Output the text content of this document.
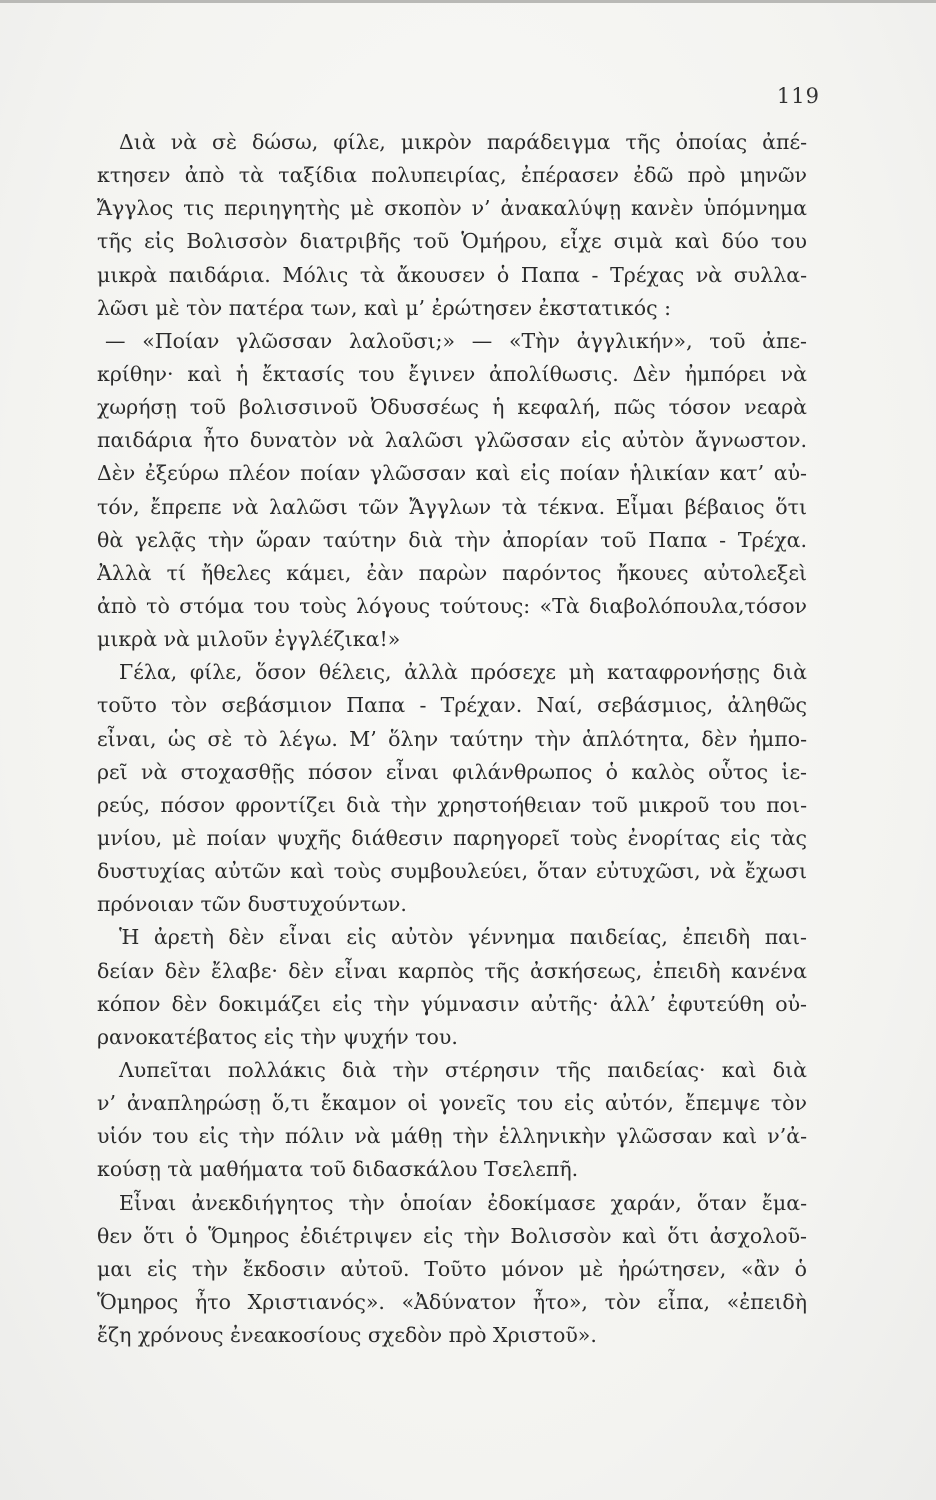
119
Διὰ νὰ σὲ δώσω, φίλε, μικρὸν παράδειγμα τῆς ὁποίας ἀπέ-
κτησεν ἀπὸ τὰ ταξίδια πολυπειρίας, ἐπέρασεν ἐδῶ πρὸ μηνῶν
Ἄγγλος τις περιηγητὴς μὲ σκοπὸν ν’ ἀνακαλύψῃ κανὲν ὑπόμνημα
τῆς εἰς Βολισσὸν διατριβῆς τοῦ Ὁμήρου, εἶχε σιμὰ καὶ δύο του
μικρὰ παιδάρια. Μόλις τὰ ἄκουσεν ὁ Παπα - Τρέχας νὰ συλλα-
λῶσι μὲ τὸν πατέρα των, καὶ μ’ ἐρώτησεν ἐκστατικός :
— «Ποίαν γλῶσσαν λαλοῦσι;» — «Τὴν ἀγγλικήν», τοῦ ἀπε-
κρίθην· καὶ ἡ ἔκτασίς του ἔγινεν ἀπολίθωσις. Δὲν ἠμπόρει νὰ
χωρήσῃ τοῦ βολισσινοῦ Ὀδυσσέως ἡ κεφαλή, πῶς τόσον νεαρὰ
παιδάρια ἦτο δυνατὸν νὰ λαλῶσι γλῶσσαν εἰς αὐτὸν ἄγνωστον.
Δὲν ἐξεύρω πλέον ποίαν γλῶσσαν καὶ εἰς ποίαν ἡλικίαν κατ’ αὐ-
τόν, ἔπρεπε νὰ λαλῶσι τῶν Ἄγγλων τὰ τέκνα. Εἶμαι βέβαιος ὅτι
θὰ γελᾷς τὴν ὥραν ταύτην διὰ τὴν ἀπορίαν τοῦ Παπα - Τρέχα.
Ἀλλὰ τί ἤθελες κάμει, ἐὰν παρὼν παρόντος ἤκουες αὐτολεξεὶ
ἀπὸ τὸ στόμα του τοὺς λόγους τούτους: «Τὰ διαβολόπουλα,τόσον
μικρὰ νὰ μιλοῦν ἐγγλέζικα!»
Γέλα, φίλε, ὅσον θέλεις, ἀλλὰ πρόσεχε μὴ καταφρονήσῃς διὰ
τοῦτο τὸν σεβάσμιον Παπα - Τρέχαν. Ναί, σεβάσμιος, ἀληθῶς
εἶναι, ὡς σὲ τὸ λέγω. Μ’ ὅλην ταύτην τὴν ἁπλότητα, δὲν ἠμπο-
ρεῖ νὰ στοχασθῇς πόσον εἶναι φιλάνθρωπος ὁ καλὸς οὗτος ἱε-
ρεύς, πόσον φροντίζει διὰ τὴν χρηστοήθειαν τοῦ μικροῦ του ποι-
μνίου, μὲ ποίαν ψυχῆς διάθεσιν παρηγορεῖ τοὺς ἐνορίτας εἰς τὰς
δυστυχίας αὐτῶν καὶ τοὺς συμβουλεύει, ὅταν εὐτυχῶσι, νὰ ἔχωσι
πρόνοιαν τῶν δυστυχούντων.
Ἡ ἀρετὴ δὲν εἶναι εἰς αὐτὸν γέννημα παιδείας, ἐπειδὴ παι-
δείαν δὲν ἔλαβε· δὲν εἶναι καρπὸς τῆς ἀσκήσεως, ἐπειδὴ κανένα
κόπον δὲν δοκιμάζει εἰς τὴν γύμνασιν αὐτῆς· ἀλλ’ ἐφυτεύθη οὐ-
ρανοκατέβατος εἰς τὴν ψυχήν του.
Λυπεῖται πολλάκις διὰ τὴν στέρησιν τῆς παιδείας· καὶ διὰ
ν’ ἀναπληρώσῃ ὅ,τι ἔκαμον οἱ γονεῖς του εἰς αὐτόν, ἔπεμψε τὸν
υἱόν του εἰς τὴν πόλιν νὰ μάθῃ τὴν ἑλληνικὴν γλῶσσαν καὶ ν’ἀ-
κούσῃ τὰ μαθήματα τοῦ διδασκάλου Τσελεπῆ.
Εἶναι ἀνεκδιήγητος τὴν ὁποίαν ἐδοκίμασε χαράν, ὅταν ἔμα-
θεν ὅτι ὁ Ὅμηρος ἐδιέτριψεν εἰς τὴν Βολισσὸν καὶ ὅτι ἀσχολοῦ-
μαι εἰς τὴν ἔκδοσιν αὐτοῦ. Τοῦτο μόνον μὲ ἠρώτησεν, «ἂν ὁ
Ὅμηρος ἦτο Χριστιανός». «Ἀδύνατον ἦτο», τὸν εἶπα, «ἐπειδὴ
ἔζη χρόνους ἐνεακοσίους σχεδὸν πρὸ Χριστοῦ».
